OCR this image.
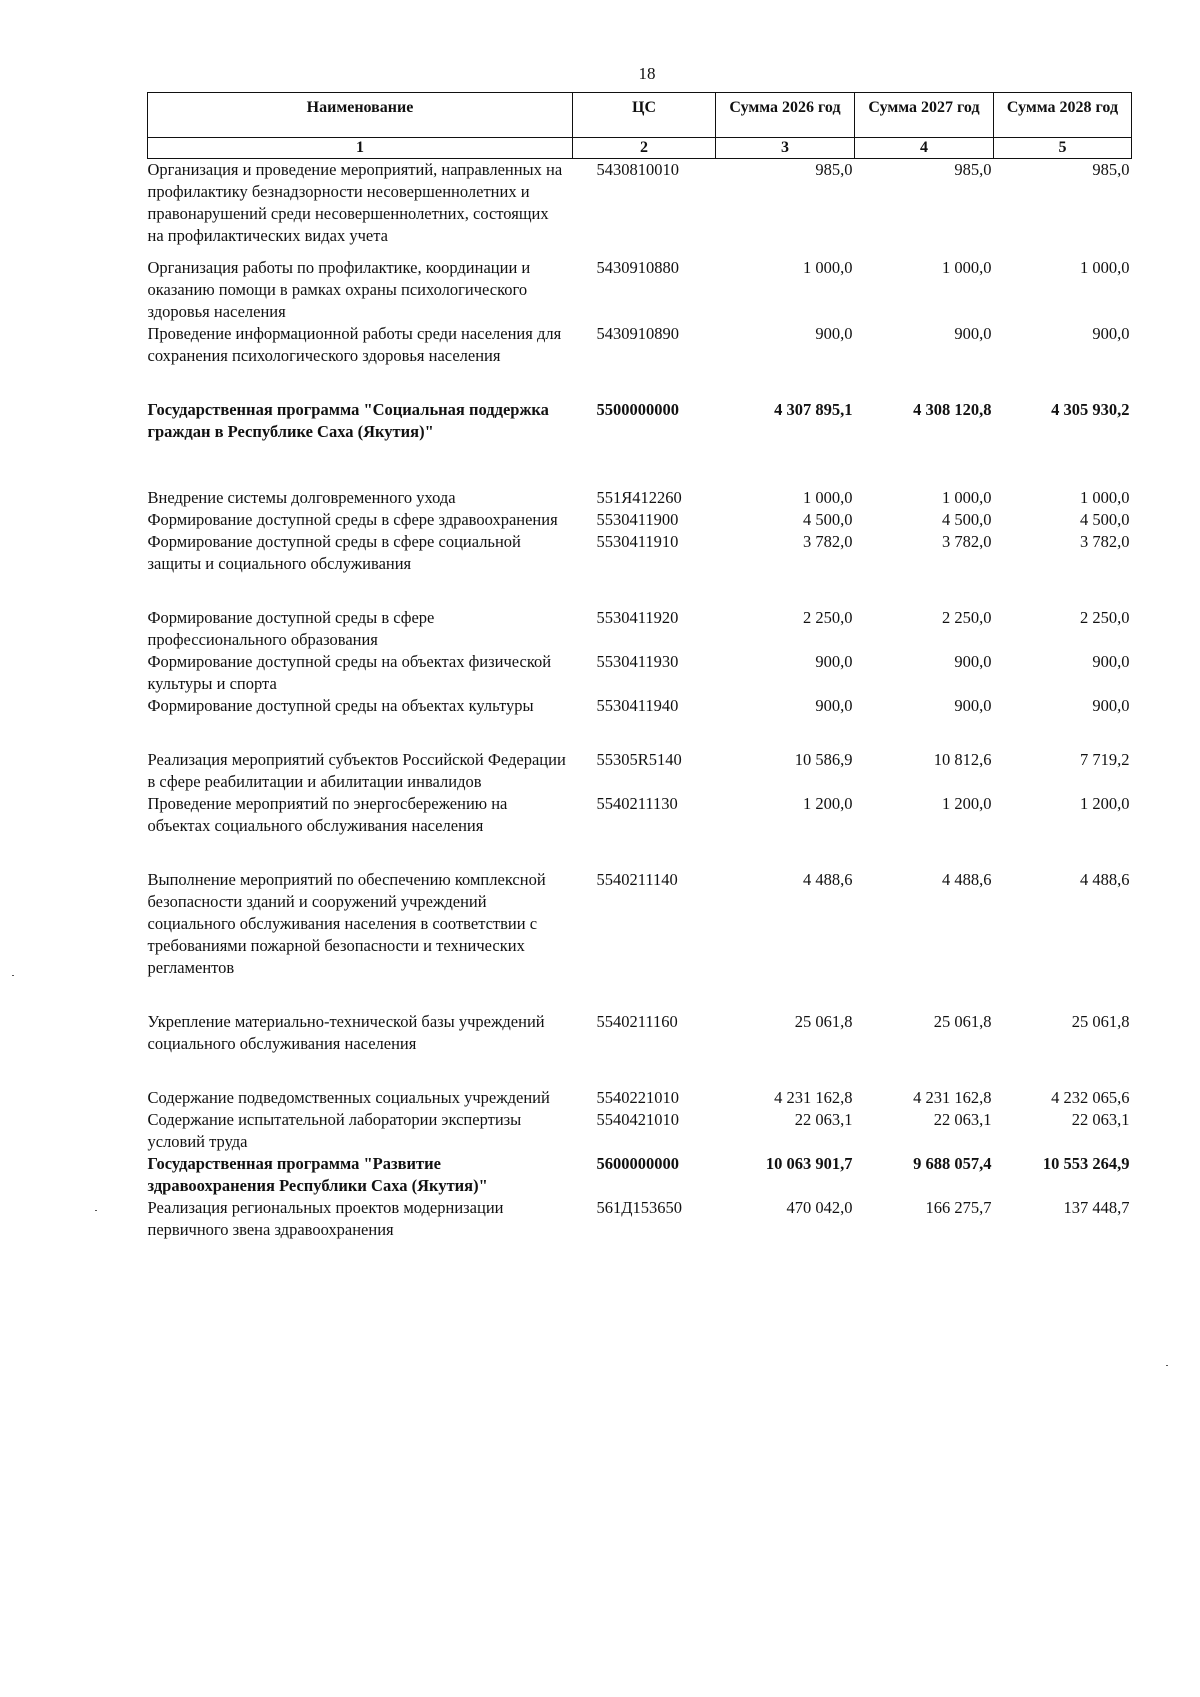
18
Наименование	ЦС	Сумма 2026 год	Сумма 2027 год	Сумма 2028 год
1	2	3	4	5
Организация и проведение мероприятий, направленных на профилактику безнадзорности несовершеннолетних и правонарушений среди несовершеннолетних, состоящих на профилактических видах учета	5430810010	985,0	985,0	985,0
Организация работы по профилактике, координации и оказанию помощи в рамках охраны психологического здоровья населения	5430910880	1 000,0	1 000,0	1 000,0
Проведение информационной работы среди населения для сохранения психологического здоровья населения	5430910890	900,0	900,0	900,0
Государственная программа "Социальная поддержка граждан в Республике Саха (Якутия)"	5500000000	4 307 895,1	4 308 120,8	4 305 930,2
Внедрение системы долговременного ухода	551Я412260	1 000,0	1 000,0	1 000,0
Формирование доступной среды в сфере здравоохранения	5530411900	4 500,0	4 500,0	4 500,0
Формирование доступной среды в сфере социальной защиты и социального обслуживания	5530411910	3 782,0	3 782,0	3 782,0
Формирование доступной среды в сфере профессионального образования	5530411920	2 250,0	2 250,0	2 250,0
Формирование доступной среды на объектах физической культуры и спорта	5530411930	900,0	900,0	900,0
Формирование доступной среды на объектах культуры	5530411940	900,0	900,0	900,0
Реализация мероприятий субъектов Российской Федерации в сфере реабилитации и абилитации инвалидов	55305R5140	10 586,9	10 812,6	7 719,2
Проведение мероприятий по энергосбережению на объектах социального обслуживания населения	5540211130	1 200,0	1 200,0	1 200,0
Выполнение мероприятий по обеспечению комплексной безопасности зданий и сооружений учреждений социального обслуживания населения в соответствии с требованиями пожарной безопасности и технических регламентов	5540211140	4 488,6	4 488,6	4 488,6
Укрепление материально-технической базы учреждений социального обслуживания населения	5540211160	25 061,8	25 061,8	25 061,8
Содержание подведомственных социальных учреждений	5540221010	4 231 162,8	4 231 162,8	4 232 065,6
Содержание испытательной лаборатории экспертизы условий труда	5540421010	22 063,1	22 063,1	22 063,1
Государственная программа "Развитие здравоохранения Республики Саха (Якутия)"	5600000000	10 063 901,7	9 688 057,4	10 553 264,9
Реализация региональных проектов модернизации первичного звена здравоохранения	561Д153650	470 042,0	166 275,7	137 448,7
